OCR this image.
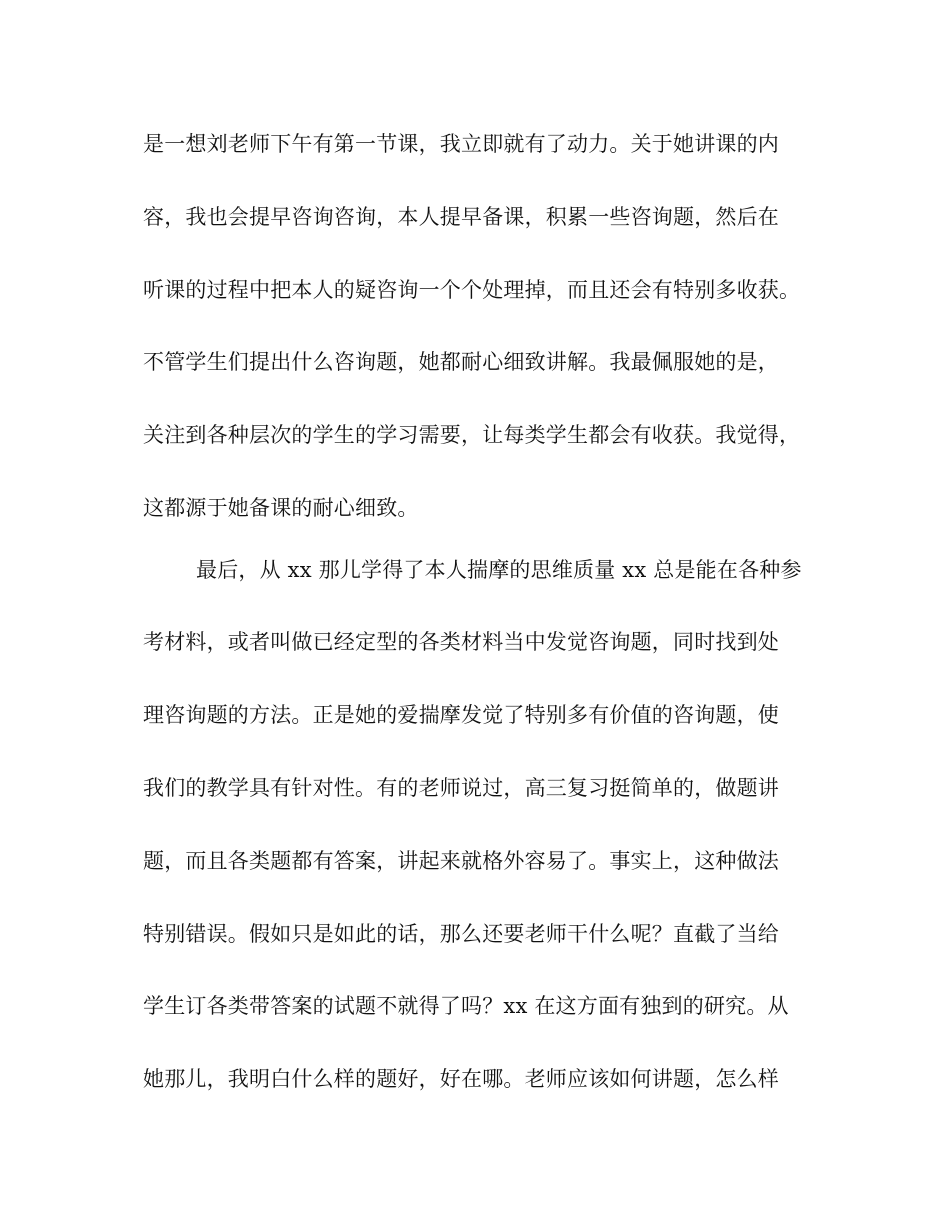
是一想刘老师下午有第一节课，我立即就有了动力。关于她讲课的内
容，我也会提早咨询咨询，本人提早备课，积累一些咨询题，然后在
听课的过程中把本人的疑咨询一个个处理掉，而且还会有特别多收获。
不管学生们提出什么咨询题，她都耐心细致讲解。我最佩服她的是，
关注到各种层次的学生的学习需要，让每类学生都会有收获。我觉得，
这都源于她备课的耐心细致。
最后，从 xx 那儿学得了本人揣摩的思维质量 xx 总是能在各种参
考材料，或者叫做已经定型的各类材料当中发觉咨询题，同时找到处
理咨询题的方法。正是她的爱揣摩发觉了特别多有价值的咨询题，使
我们的教学具有针对性。有的老师说过，高三复习挺简单的，做题讲
题，而且各类题都有答案，讲起来就格外容易了。事实上，这种做法
特别错误。假如只是如此的话，那么还要老师干什么呢？直截了当给
学生订各类带答案的试题不就得了吗？xx 在这方面有独到的研究。从
她那儿，我明白什么样的题好，好在哪。老师应该如何讲题，怎么样
